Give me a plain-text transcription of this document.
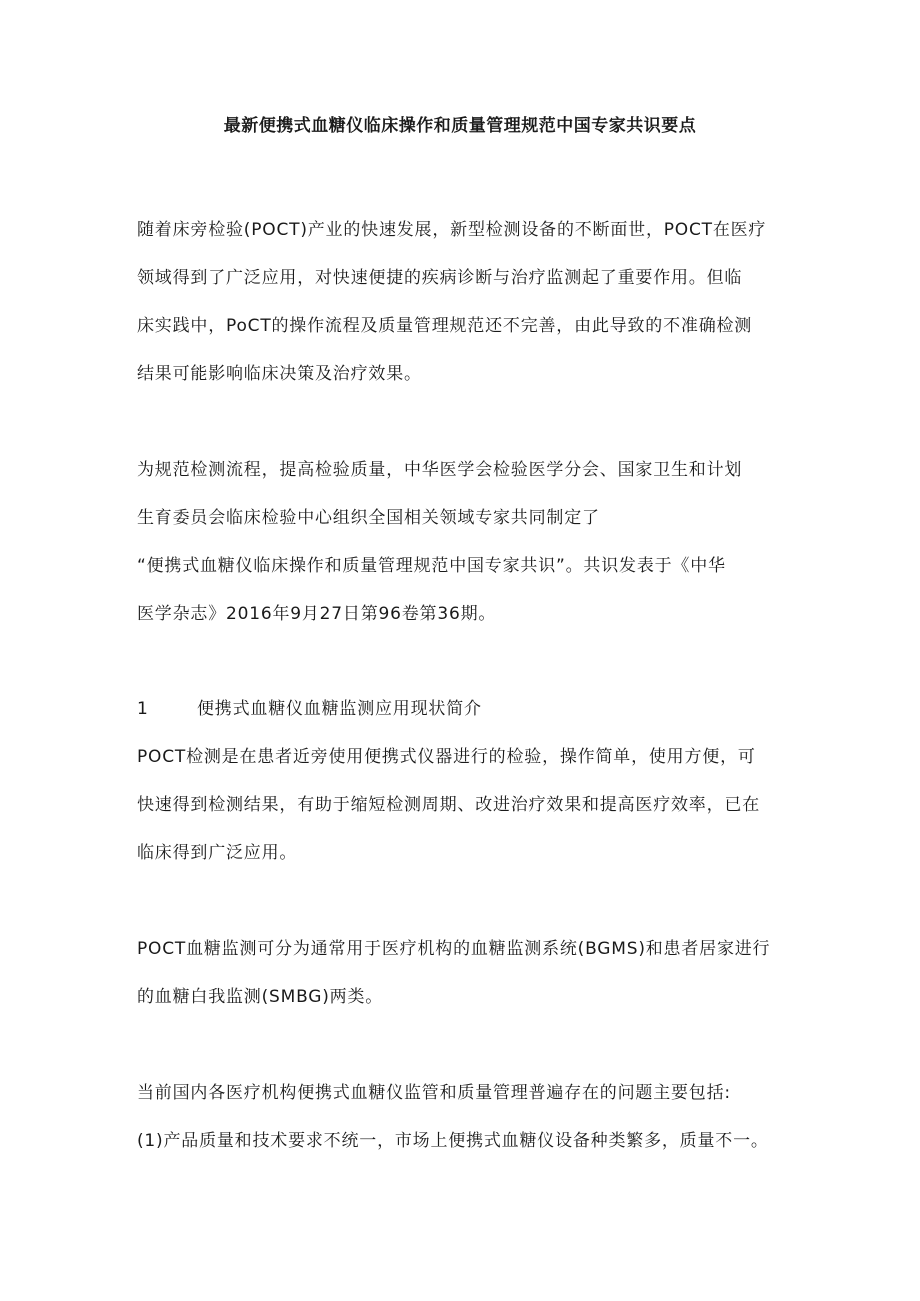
最新便携式血糖仪临床操作和质量管理规范中国专家共识要点
随着床旁检验(POCT)产业的快速发展，新型检测设备的不断面世，POCT在医疗
领域得到了广泛应用，对快速便捷的疾病诊断与治疗监测起了重要作用。但临
床实践中，PoCT的操作流程及质量管理规范还不完善，由此导致的不准确检测
结果可能影响临床决策及治疗效果。
为规范检测流程，提高检验质量，中华医学会检验医学分会、国家卫生和计划
生育委员会临床检验中心组织全国相关领域专家共同制定了
“便携式血糖仪临床操作和质量管理规范中国专家共识”。共识发表于《中华
医学杂志》2016年9月27日第96卷第36期。
1	便携式血糖仪血糖监测应用现状简介
POCT检测是在患者近旁使用便携式仪器进行的检验，操作简单，使用方便，可
快速得到检测结果，有助于缩短检测周期、改进治疗效果和提高医疗效率，已在
临床得到广泛应用。
POCT血糖监测可分为通常用于医疗机构的血糖监测系统(BGMS)和患者居家进行
的血糖白我监测(SMBG)两类。
当前国内各医疗机构便携式血糖仪监管和质量管理普遍存在的问题主要包括:
(1)产品质量和技术要求不统一，市场上便携式血糖仪设备种类繁多，质量不一。
